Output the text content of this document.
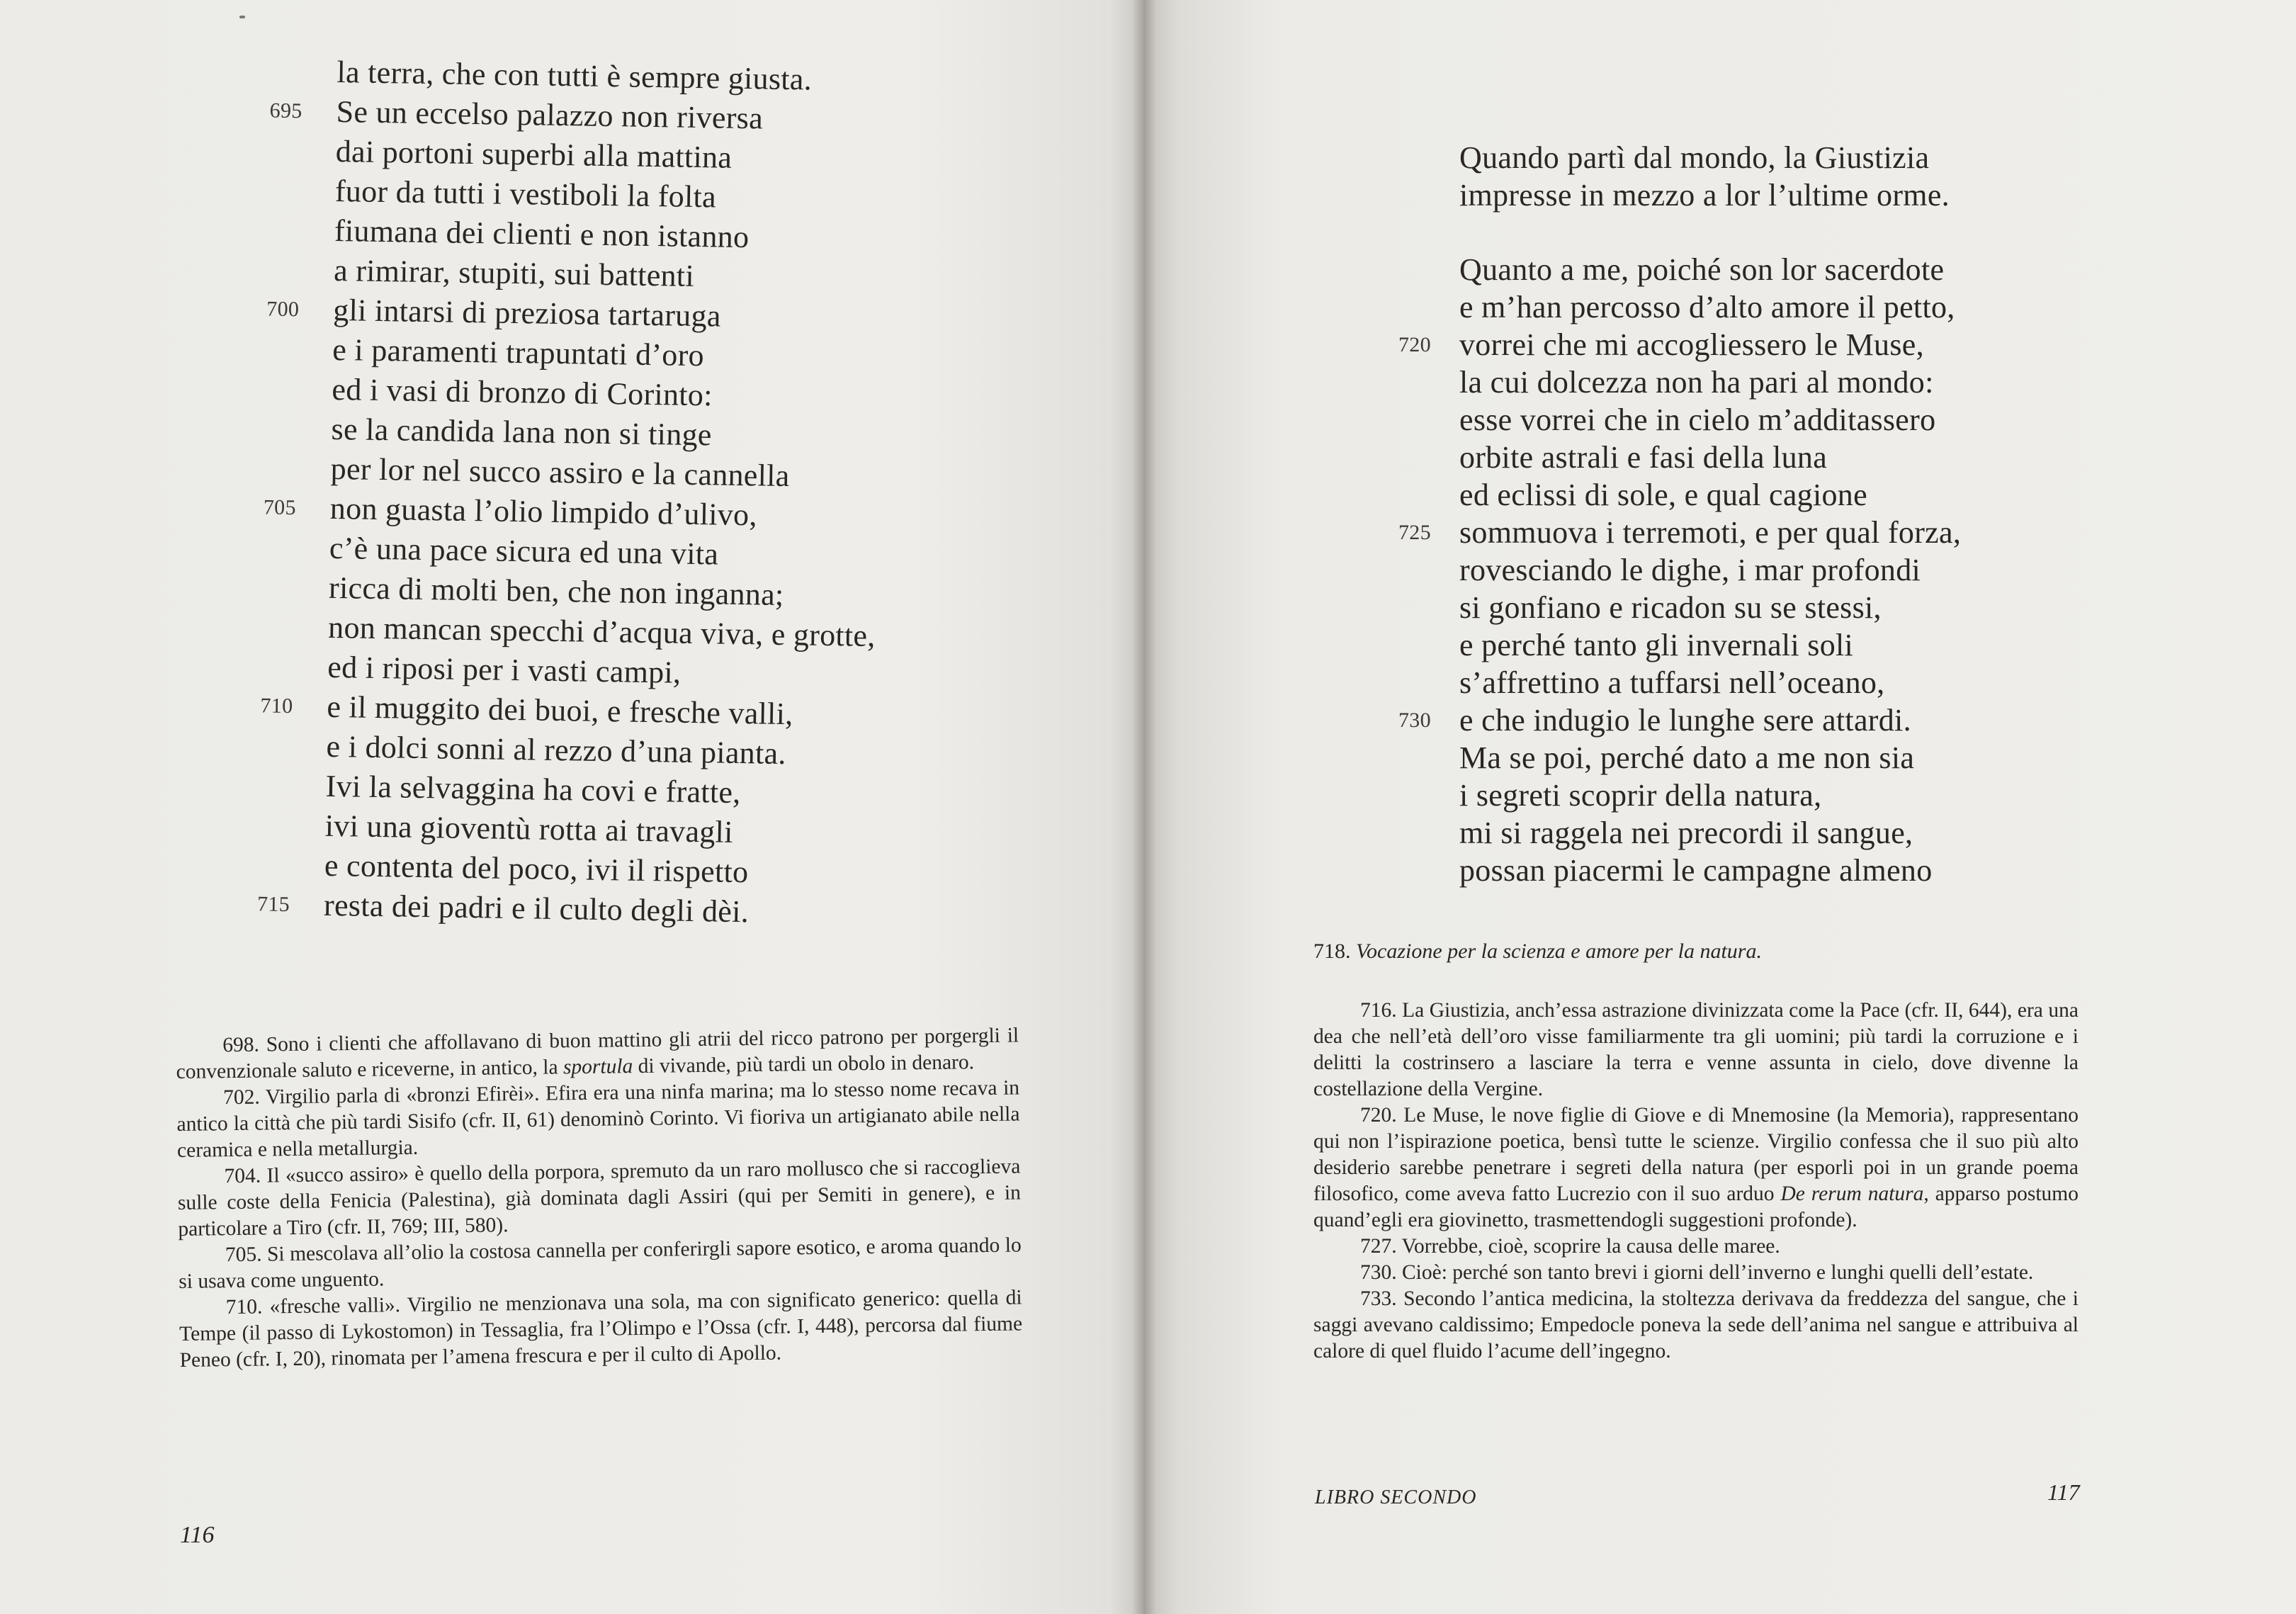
la terra, che con tutti è sempre giusta.
695 Se un eccelso palazzo non riversa
dai portoni superbi alla mattina
fuor da tutti i vestiboli la folta
fiumana dei clienti e non istanno
a rimirar, stupiti, sui battenti
700 gli intarsi di preziosa tartaruga
e i paramenti trapuntati d’oro
ed i vasi di bronzo di Corinto:
se la candida lana non si tinge
per lor nel succo assiro e la cannella
705 non guasta l’olio limpido d’ulivo,
c’è una pace sicura ed una vita
ricca di molti ben, che non inganna;
non mancan specchi d’acqua viva, e grotte,
ed i riposi per i vasti campi,
710 e il muggito dei buoi, e fresche valli,
e i dolci sonni al rezzo d’una pianta.
Ivi la selvaggina ha covi e fratte,
ivi una gioventù rotta ai travagli
e contenta del poco, ivi il rispetto
715 resta dei padri e il culto degli dèi.

698. Sono i clienti che affollavano di buon mattino gli atrii del ricco patrono per porgergli il convenzionale saluto e riceverne, in antico, la sportula di vivande, più tardi un obolo in denaro.

702. Virgilio parla di «bronzi Efirèi». Efira era una ninfa marina; ma lo stesso nome recava in antico la città che più tardi Sisifo (cfr. II, 61) denominò Corinto. Vi fioriva un artigianato abile nella ceramica e nella metallurgia.

704. Il «succo assiro» è quello della porpora, spremuto da un raro mollusco che si raccoglieva sulle coste della Fenicia (Palestina), già dominata dagli Assiri (qui per Semiti in genere), e in particolare a Tiro (cfr. II, 769; III, 580).

705. Si mescolava all’olio la costosa cannella per conferirgli sapore esotico, e aroma quando lo si usava come unguento.

710. «fresche valli». Virgilio ne menzionava una sola, ma con significato generico: quella di Tempe (il passo di Lykostomon) in Tessaglia, fra l’Olimpo e l’Ossa (cfr. I, 448), percorsa dal fiume Peneo (cfr. I, 20), rinomata per l’amena frescura e per il culto di Apollo.

116
Quando partì dal mondo, la Giustizia
impresse in mezzo a lor l’ultime orme.
Quanto a me, poiché son lor sacerdote
e m’han percosso d’alto amore il petto,
720 vorrei che mi accogliessero le Muse,
la cui dolcezza non ha pari al mondo:
esse vorrei che in cielo m’additassero
orbite astrali e fasi della luna
ed eclissi di sole, e qual cagione
725 sommuova i terremoti, e per qual forza,
rovesciando le dighe, i mar profondi
si gonfiano e ricadon su se stessi,
e perché tanto gli invernali soli
s’affrettino a tuffarsi nell’oceano,
730 e che indugio le lunghe sere attardi.
Ma se poi, perché dato a me non sia
i segreti scoprir della natura,
mi si raggela nei precordi il sangue,
possan piacermi le campagne almeno
718. Vocazione per la scienza e amore per la natura.

716. La Giustizia, anch’essa astrazione divinizzata come la Pace (cfr. II, 644), era una dea che nell’età dell’oro visse familiarmente tra gli uomini; più tardi la corruzione e i delitti la costrinsero a lasciare la terra e venne assunta in cielo, dove divenne la costellazione della Vergine.

720. Le Muse, le nove figlie di Giove e di Mnemosine (la Memoria), rappresentano qui non l’ispirazione poetica, bensì tutte le scienze. Virgilio confessa che il suo più alto desiderio sarebbe penetrare i segreti della natura (per esporli poi in un grande poema filosofico, come aveva fatto Lucrezio con il suo arduo De rerum natura, apparso postumo quand’egli era giovinetto, trasmettendogli suggestioni profonde).

727. Vorrebbe, cioè, scoprire la causa delle maree.

730. Cioè: perché son tanto brevi i giorni dell’inverno e lunghi quelli dell’estate.

733. Secondo l’antica medicina, la stoltezza derivava da freddezza del sangue, che i saggi avevano caldissimo; Empedocle poneva la sede dell’anima nel sangue e attribuiva al calore di quel fluido l’acume dell’ingegno.

LIBRO SECONDO	117
